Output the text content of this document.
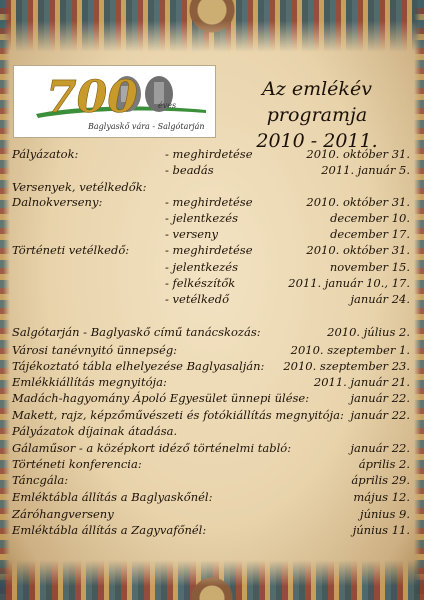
700	éves
Baglyaskő vára - Salgótarján
Az emlékév programja
2010 - 2011.
Pályázatok:	- meghirdetése	2010. október 31.
- beadás	2011. január 5.
Versenyek, vetélkedők:
Dalnokverseny:	- meghirdetése	2010. október 31.
- jelentkezés	december 10.
- verseny	december 17.
Történeti vetélkedő:	- meghirdetése	2010. október 31.
- jelentkezés	november 15.
- felkészítők	2011. január 10., 17.
- vetélkedő	január 24.
Salgótarján - Baglyaskő című tanácskozás:	2010. július 2.
Városi tanévnyitó ünnepség:	2010. szeptember 1.
Tájékoztató tábla elhelyezése Baglyasalján: 2010. szeptember 23.
Emlékkiállítás megnyitója:	2011. január 21.
Madách-hagyomány Ápoló Egyesület ünnepi ülése:	január 22.
Makett, rajz, képzőművészeti és fotókiállítás megnyitója: január 22.
Pályázatok díjainak átadása.
Gálaműsor - a középkort idéző történelmi tabló:	január 22.
Történeti konferencia:	április 2.
Táncgála:	április 29.
Emléktábla állítás a Baglyaskőnél:	május 12.
Záróhangverseny	június 9.
Emléktábla állítás a Zagyvafőnél:	június 11.
